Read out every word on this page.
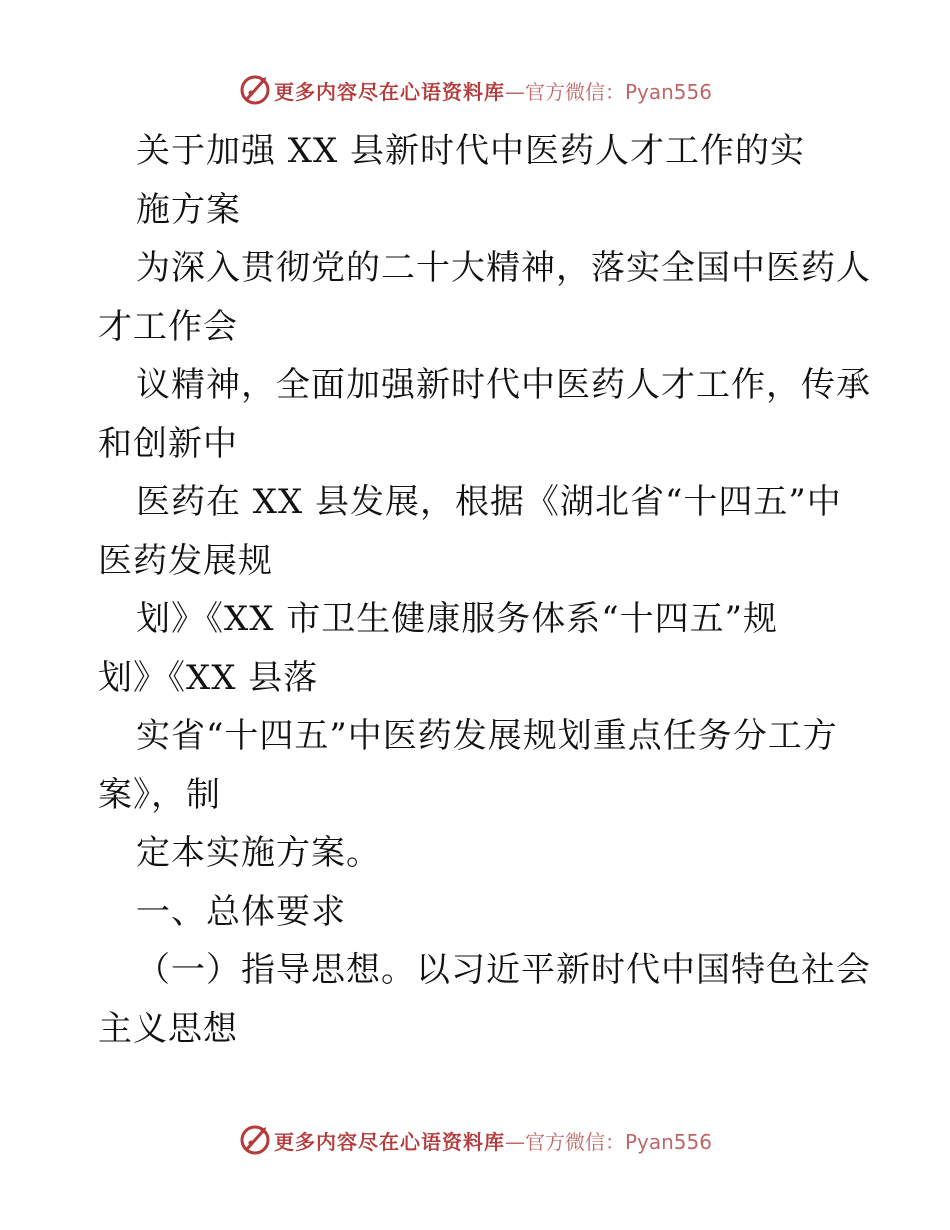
更多内容尽在心语资料库 —官方微信：Pyan556
关于加强 XX 县新时代中医药人才工作的实
施方案
为深入贯彻党的二十大精神，落实全国中医药人
才工作会
议精神，全面加强新时代中医药人才工作，传承
和创新中
医药在 XX 县发展，根据《湖北省“十四五”中
医药发展规
划》《XX 市卫生健康服务体系“十四五”规
划》《XX 县落
实省“十四五”中医药发展规划重点任务分工方
案》，制
定本实施方案。
一、总体要求
（一）指导思想。以习近平新时代中国特色社会
主义思想
更多内容尽在心语资料库 —官方微信：Pyan556
